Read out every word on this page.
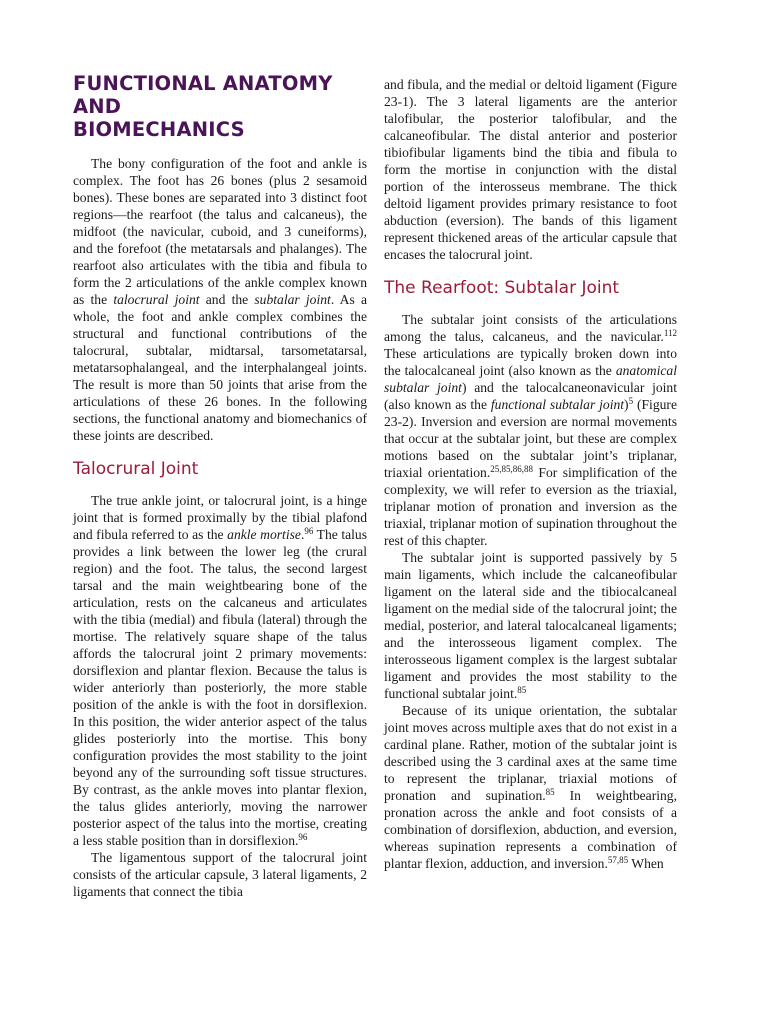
FUNCTIONAL ANATOMY AND
BIOMECHANICS

The bony configuration of the foot and ankle is complex. The foot has 26 bones (plus 2 sesamoid bones). These bones are separated into 3 distinct foot regions—the rearfoot (the talus and calcaneus), the midfoot (the navicular, cuboid, and 3 cuneiforms), and the forefoot (the metatarsals and phalanges). The rearfoot also articulates with the tibia and fibula to form the 2 articulations of the ankle complex known as the talocrural joint and the subtalar joint. As a whole, the foot and ankle complex combines the structural and functional contributions of the talocrural, subtalar, midtarsal, tarsometatarsal, metatarsophalangeal, and the interphalangeal joints. The result is more than 50 joints that arise from the articulations of these 26 bones. In the following sections, the functional anatomy and biomechanics of these joints are described.

Talocrural Joint

The true ankle joint, or talocrural joint, is a hinge joint that is formed proximally by the tibial plafond and fibula referred to as the ankle mortise.$^{96}$ The talus provides a link between the lower leg (the crural region) and the foot. The talus, the second largest tarsal and the main weightbearing bone of the articulation, rests on the calcaneus and articulates with the tibia (medial) and fibula (lateral) through the mortise. The relatively square shape of the talus affords the talocrural joint 2 primary movements: dorsiflexion and plantar flexion. Because the talus is wider anteriorly than posteriorly, the more stable position of the ankle is with the foot in dorsiflexion. In this position, the wider anterior aspect of the talus glides posteriorly into the mortise. This bony configuration provides the most stability to the joint beyond any of the surrounding soft tissue structures. By contrast, as the ankle moves into plantar flexion, the talus glides anteriorly, moving the narrower posterior aspect of the talus into the mortise, creating a less stable position than in dorsiflexion.$^{96}$

The ligamentous support of the talocrural joint consists of the articular capsule, 3 lateral ligaments, 2 ligaments that connect the tibia

and fibula, and the medial or deltoid ligament (Figure 23-1). The 3 lateral ligaments are the anterior talofibular, the posterior talofibular, and the calcaneofibular. The distal anterior and posterior tibiofibular ligaments bind the tibia and fibula to form the mortise in conjunction with the distal portion of the interosseus membrane. The thick deltoid ligament provides primary resistance to foot abduction (eversion). The bands of this ligament represent thickened areas of the articular capsule that encases the talocrural joint.

The Rearfoot: Subtalar Joint

The subtalar joint consists of the articulations among the talus, calcaneus, and the navicular.$^{112}$ These articulations are typically broken down into the talocalcaneal joint (also known as the anatomical subtalar joint) and the talocalcaneonavicular joint (also known as the functional subtalar joint)$^5$ (Figure 23-2). Inversion and eversion are normal movements that occur at the subtalar joint, but these are complex motions based on the subtalar joint’s triplanar, triaxial orientation.$^{25,85,86,88}$ For simplification of the complexity, we will refer to eversion as the triaxial, triplanar motion of pronation and inversion as the triaxial, triplanar motion of supination throughout the rest of this chapter.

The subtalar joint is supported passively by 5 main ligaments, which include the calcaneofibular ligament on the lateral side and the tibiocalcaneal ligament on the medial side of the talocrural joint; the medial, posterior, and lateral talocalcaneal ligaments; and the interosseous ligament complex. The interosseous ligament complex is the largest subtalar ligament and provides the most stability to the functional subtalar joint.$^{85}$

Because of its unique orientation, the subtalar joint moves across multiple axes that do not exist in a cardinal plane. Rather, motion of the subtalar joint is described using the 3 cardinal axes at the same time to represent the triplanar, triaxial motions of pronation and supination.$^{85}$ In weightbearing, pronation across the ankle and foot consists of a combination of dorsiflexion, abduction, and eversion, whereas supination represents a combination of plantar flexion, adduction, and inversion.$^{57,85}$ When
